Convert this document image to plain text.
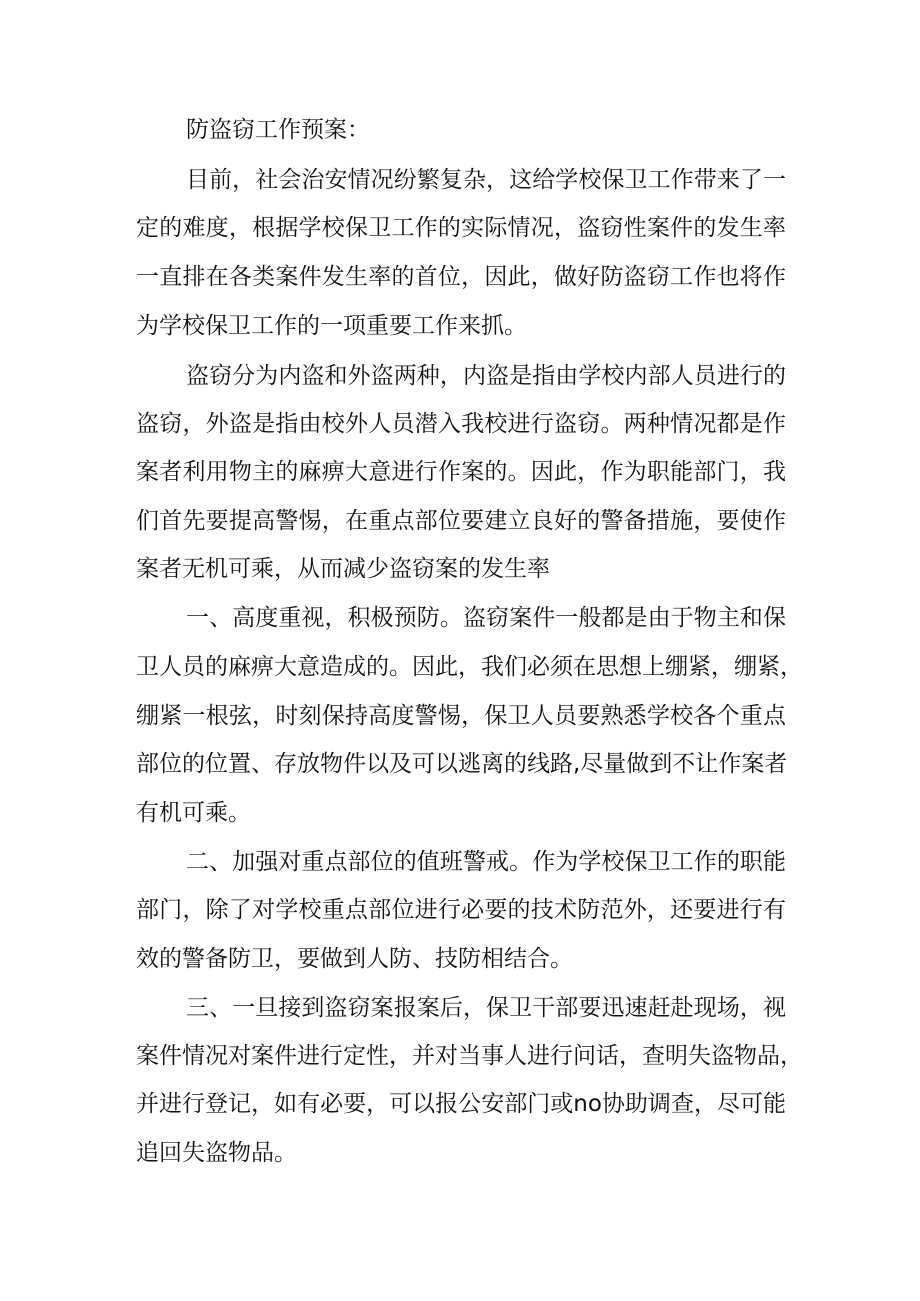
防盗窃工作预案：
目前，社会治安情况纷繁复杂，这给学校保卫工作带来了一
定的难度，根据学校保卫工作的实际情况，盗窃性案件的发生率
一直排在各类案件发生率的首位，因此，做好防盗窃工作也将作
为学校保卫工作的一项重要工作来抓。
盗窃分为内盗和外盗两种，内盗是指由学校内部人员进行的
盗窃，外盗是指由校外人员潜入我校进行盗窃。两种情况都是作
案者利用物主的麻痹大意进行作案的。因此，作为职能部门，我
们首先要提高警惕，在重点部位要建立良好的警备措施，要使作
案者无机可乘，从而减少盗窃案的发生率
一、高度重视，积极预防。盗窃案件一般都是由于物主和保
卫人员的麻痹大意造成的。因此，我们必须在思想上绷紧，绷紧，
绷紧一根弦，时刻保持高度警惕，保卫人员要熟悉学校各个重点
部位的位置、存放物件以及可以逃离的线路,尽量做到不让作案者
有机可乘。
二、加强对重点部位的值班警戒。作为学校保卫工作的职能
部门，除了对学校重点部位进行必要的技术防范外，还要进行有
效的警备防卫，要做到人防、技防相结合。
三、一旦接到盗窃案报案后，保卫干部要迅速赶赴现场，视
案件情况对案件进行定性，并对当事人进行问话，查明失盗物品，
并进行登记，如有必要，可以报公安部门或no协助调查，尽可能
追回失盗物品。
